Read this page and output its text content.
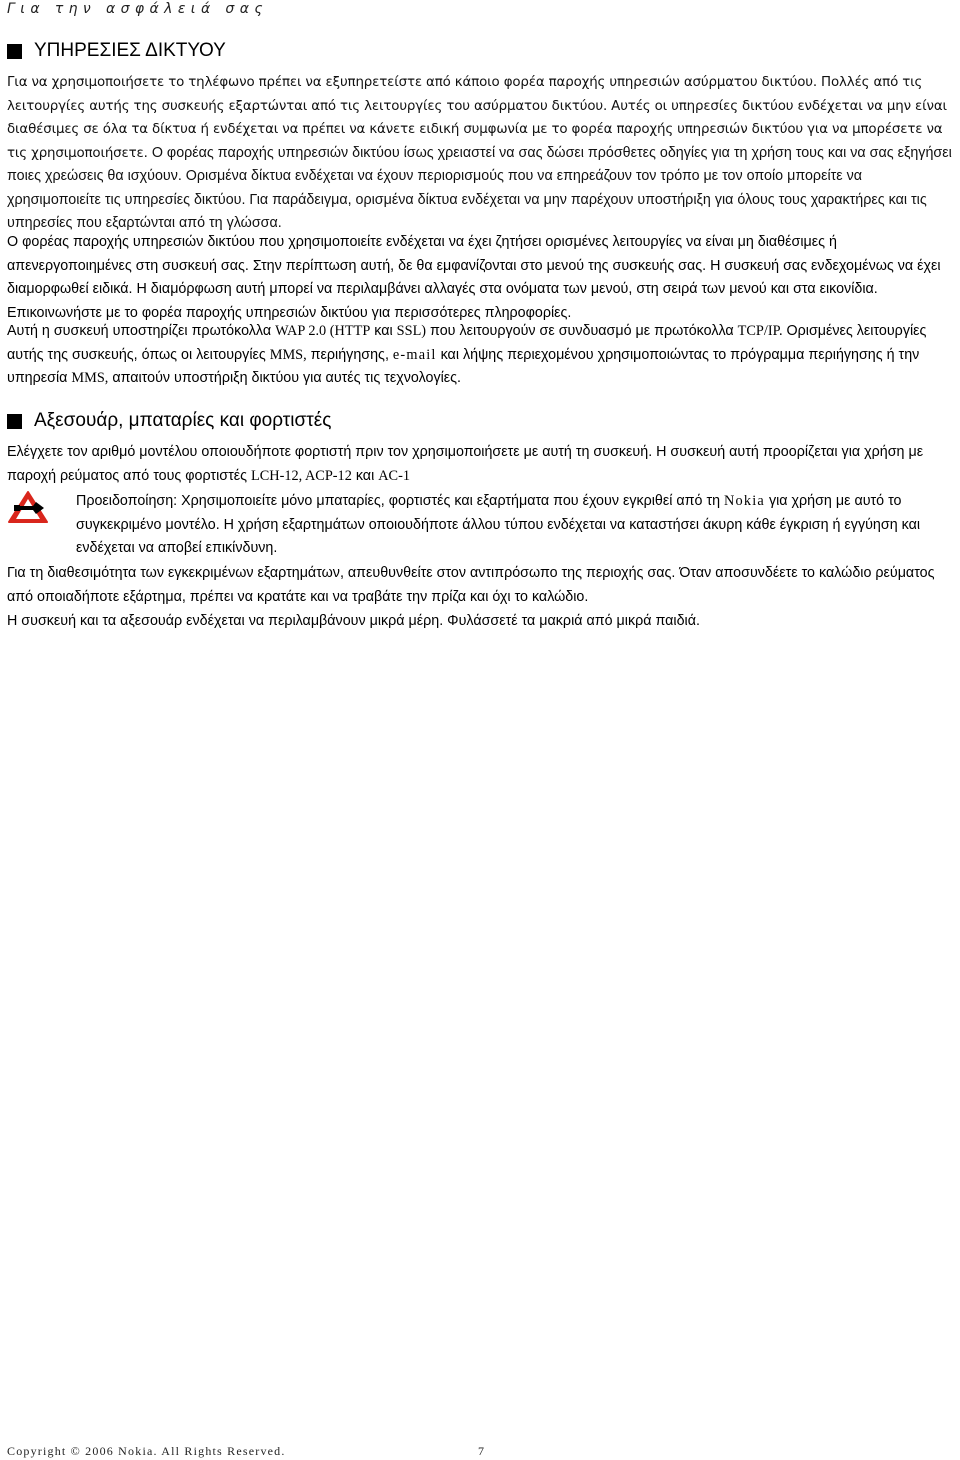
Για την ασφάλειά σας
ΥΠΗΡΕΣΙΕΣ ΔΙΚΤΥΟΥ

Για να χρησιμοποιήσετε το τηλέφωνο πρέπει να εξυπηρετείστε από κάποιο φορέα παροχής υπηρεσιών ασύρματου δικτύου. Πολλές από τις λειτουργίες αυτής της συσκευής εξαρτώνται από τις λειτουργίες του ασύρματου δικτύου. Αυτές οι υπηρεσίες δικτύου ενδέχεται να μην είναι διαθέσιμες σε όλα τα δίκτυα ή ενδέχεται να πρέπει να κάνετε ειδική συμφωνία με το φορέα παροχής υπηρεσιών δικτύου για να μπορέσετε να τις χρησιμοποιήσετε. Ο φορέας παροχής υπηρεσιών δικτύου ίσως χρειαστεί να σας δώσει πρόσθετες οδηγίες για τη χρήση τους και να σας εξηγήσει ποιες χρεώσεις θα ισχύουν. Ορισμένα δίκτυα ενδέχεται να έχουν περιορισμούς που να επηρεάζουν τον τρόπο με τον οποίο μπορείτε να χρησιμοποιείτε τις υπηρεσίες δικτύου. Για παράδειγμα, ορισμένα δίκτυα ενδέχεται να μην παρέχουν υποστήριξη για όλους τους χαρακτήρες και τις υπηρεσίες που εξαρτώνται από τη γλώσσα.

Ο φορέας παροχής υπηρεσιών δικτύου που χρησιμοποιείτε ενδέχεται να έχει ζητήσει ορισμένες λειτουργίες να είναι μη διαθέσιμες ή απενεργοποιημένες στη συσκευή σας. Στην περίπτωση αυτή, δε θα εμφανίζονται στο μενού της συσκευής σας. Η συσκευή σας ενδεχομένως να έχει διαμορφωθεί ειδικά. Η διαμόρφωση αυτή μπορεί να περιλαμβάνει αλλαγές στα ονόματα των μενού, στη σειρά των μενού και στα εικονίδια. Επικοινωνήστε με το φορέα παροχής υπηρεσιών δικτύου για περισσότερες πληροφορίες.

Αυτή η συσκευή υποστηρίζει πρωτόκολλα WAP 2.0 (HTTP και SSL) που λειτουργούν σε συνδυασμό με πρωτόκολλα TCP/IP. Ορισμένες λειτουργίες αυτής της συσκευής, όπως οι λειτουργίες MMS, περιήγησης, e-mail και λήψης περιεχομένου χρησιμοποιώντας το πρόγραμμα περιήγησης ή την υπηρεσία MMS, απαιτούν υποστήριξη δικτύου για αυτές τις τεχνολογίες.

Αξεσουάρ, μπαταρίες και φορτιστές

Ελέγχετε τον αριθμό μοντέλου οποιουδήποτε φορτιστή πριν τον χρησιμοποιήσετε με αυτή τη συσκευή. Η συσκευή αυτή προορίζεται για χρήση με παροχή ρεύματος από τους φορτιστές LCH-12, ACP-12 και AC-1

Προειδοποίηση: Χρησιμοποιείτε μόνο μπαταρίες, φορτιστές και εξαρτήματα που έχουν εγκριθεί από τη Nokia για χρήση με αυτό το συγκεκριμένο μοντέλο. Η χρήση εξαρτημάτων οποιουδήποτε άλλου τύπου ενδέχεται να καταστήσει άκυρη κάθε έγκριση ή εγγύηση και ενδέχεται να αποβεί επικίνδυνη.

Για τη διαθεσιμότητα των εγκεκριμένων εξαρτημάτων, απευθυνθείτε στον αντιπρόσωπο της περιοχής σας. Όταν αποσυνδέετε το καλώδιο ρεύματος από οποιαδήποτε εξάρτημα, πρέπει να κρατάτε και να τραβάτε την πρίζα και όχι το καλώδιο.

Η συσκευή και τα αξεσουάρ ενδέχεται να περιλαμβάνουν μικρά μέρη. Φυλάσσετέ τα μακριά από μικρά παιδιά.

Copyright © 2006 Nokia. All Rights Reserved.	7
